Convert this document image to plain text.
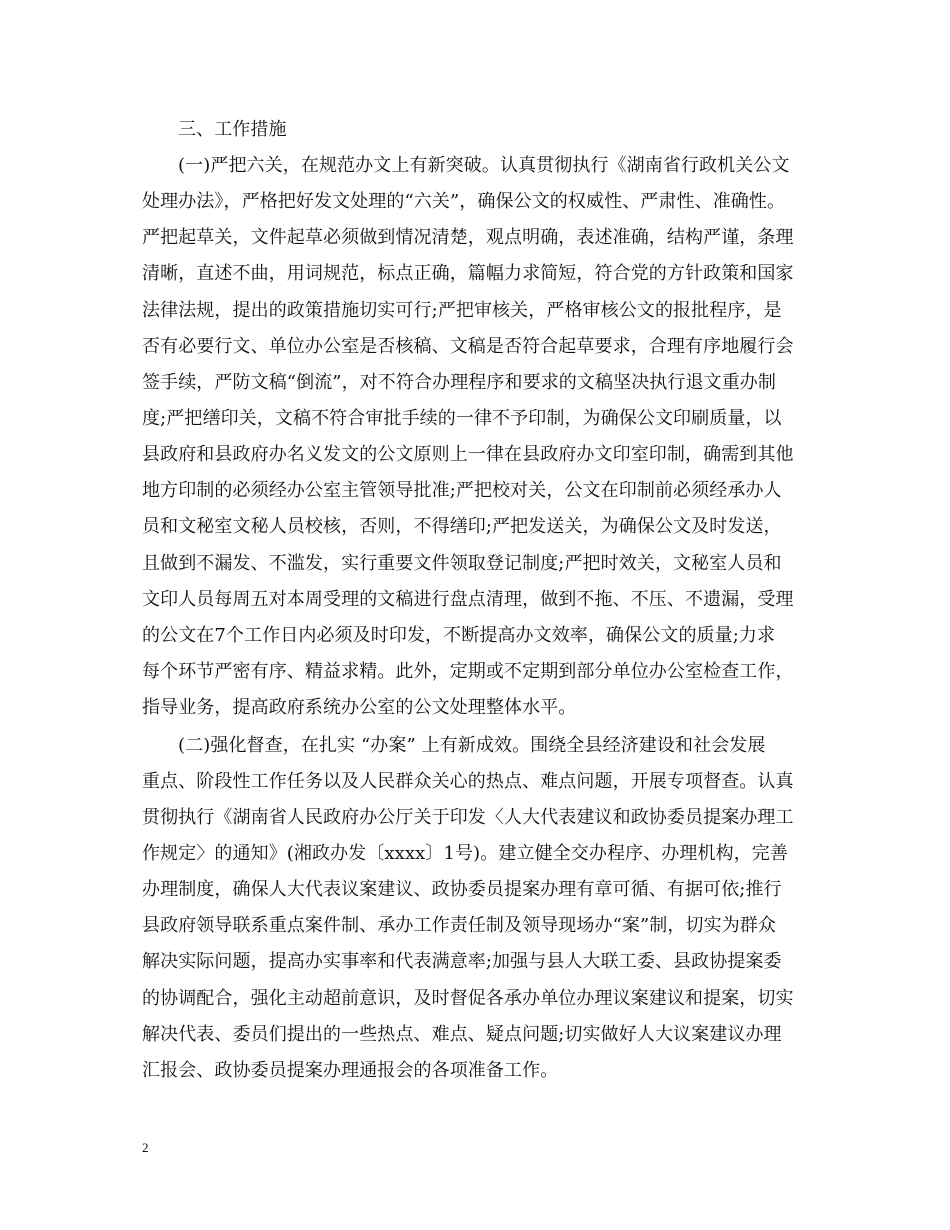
三、工作措施
(一)严把六关，在规范办文上有新突破。认真贯彻执行《湖南省行政机关公文
处理办法》，严格把好发文处理的“六关”，确保公文的权威性、严肃性、准确性。
严把起草关，文件起草必须做到情况清楚，观点明确，表述准确，结构严谨，条理
清晰，直述不曲，用词规范，标点正确，篇幅力求简短，符合党的方针政策和国家
法律法规，提出的政策措施切实可行;严把审核关，严格审核公文的报批程序，是
否有必要行文、单位办公室是否核稿、文稿是否符合起草要求，合理有序地履行会
签手续，严防文稿“倒流”，对不符合办理程序和要求的文稿坚决执行退文重办制
度;严把缮印关，文稿不符合审批手续的一律不予印制，为确保公文印刷质量，以
县政府和县政府办名义发文的公文原则上一律在县政府办文印室印制，确需到其他
地方印制的必须经办公室主管领导批准;严把校对关，公文在印制前必须经承办人
员和文秘室文秘人员校核，否则，不得缮印;严把发送关，为确保公文及时发送，
且做到不漏发、不滥发，实行重要文件领取登记制度;严把时效关，文秘室人员和
文印人员每周五对本周受理的文稿进行盘点清理，做到不拖、不压、不遗漏，受理
的公文在7个工作日内必须及时印发，不断提高办文效率，确保公文的质量;力求
每个环节严密有序、精益求精。此外，定期或不定期到部分单位办公室检查工作，
指导业务，提高政府系统办公室的公文处理整体水平。
(二)强化督查，在扎实 “办案” 上有新成效。围绕全县经济建设和社会发展
重点、阶段性工作任务以及人民群众关心的热点、难点问题，开展专项督查。认真
贯彻执行《湖南省人民政府办公厅关于印发〈人大代表建议和政协委员提案办理工
作规定〉的通知》(湘政办发〔xxxx〕1号)。建立健全交办程序、办理机构，完善
办理制度，确保人大代表议案建议、政协委员提案办理有章可循、有据可依;推行
县政府领导联系重点案件制、承办工作责任制及领导现场办“案”制，切实为群众
解决实际问题，提高办实事率和代表满意率;加强与县人大联工委、县政协提案委
的协调配合，强化主动超前意识，及时督促各承办单位办理议案建议和提案，切实
解决代表、委员们提出的一些热点、难点、疑点问题;切实做好人大议案建议办理
汇报会、政协委员提案办理通报会的各项准备工作。
2
